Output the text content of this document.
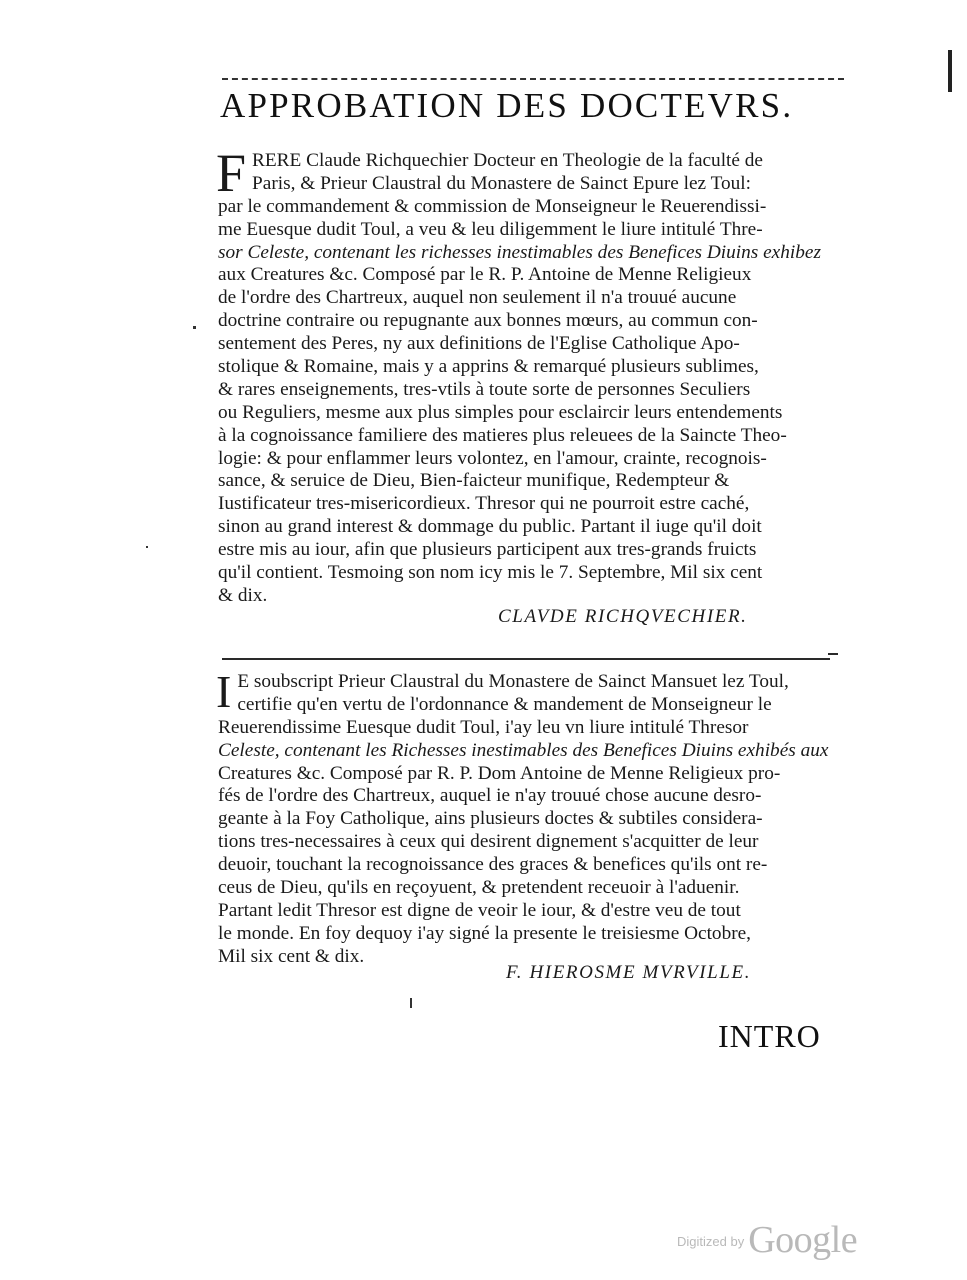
APPROBATION DES DOCTEVRS.
F RERE Claude Richquechier Docteur en Theologie de la faculté de
Paris, & Prieur Claustral du Monastere de Sainct Epure lez Toul:
par le commandement & commission de Monseigneur le Reuerendissi-
me Euesque dudit Toul, a veu & leu diligemment le liure intitulé Thre-
sor Celeste, contenant les richesses inestimables des Benefices Diuins exhibez
aux Creatures &c. Composé par le R. P. Antoine de Menne Religieux
de l'ordre des Chartreux, auquel non seulement il n'a trouué aucune
doctrine contraire ou repugnante aux bonnes mœurs, au commun con-
sentement des Peres, ny aux definitions de l'Eglise Catholique Apo-
stolique & Romaine, mais y a apprins & remarqué plusieurs sublimes,
& rares enseignements, tres-vtils à toute sorte de personnes Seculiers
ou Reguliers, mesme aux plus simples pour esclaircir leurs entendements
à la cognoissance familiere des matieres plus releuees de la Saincte Theo-
logie: & pour enflammer leurs volontez, en l'amour, crainte, recognois-
sance, & seruice de Dieu, Bien-faicteur munifique, Redempteur &
Iustificateur tres-misericordieux. Thresor qui ne pourroit estre caché,
sinon au grand interest & dommage du public. Partant il iuge qu'il doit
estre mis au iour, afin que plusieurs participent aux tres-grands fruicts
qu'il contient. Tesmoing son nom icy mis le 7. Septembre, Mil six cent
& dix.
CLAVDE RICHQVECHIER.
I E soubscript Prieur Claustral du Monastere de Sainct Mansuet lez Toul,
certifie qu'en vertu de l'ordonnance & mandement de Monseigneur le
Reuerendissime Euesque dudit Toul, i'ay leu vn liure intitulé Thresor
Celeste, contenant les Richesses inestimables des Benefices Diuins exhibés aux
Creatures &c. Composé par R. P. Dom Antoine de Menne Religieux pro-
fés de l'ordre des Chartreux, auquel ie n'ay trouué chose aucune desro-
geante à la Foy Catholique, ains plusieurs doctes & subtiles considera-
tions tres-necessaires à ceux qui desirent dignement s'acquitter de leur
deuoir, touchant la recognoissance des graces & benefices qu'ils ont re-
ceus de Dieu, qu'ils en reçoyuent, & pretendent receuoir à l'aduenir.
Partant ledit Thresor est digne de veoir le iour, & d'estre veu de tout
le monde. En foy dequoy i'ay signé la presente le treisiesme Octobre,
Mil six cent & dix.
F. HIEROSME MVRVILLE.
INTRO
$^{Digitized by}$ Google
